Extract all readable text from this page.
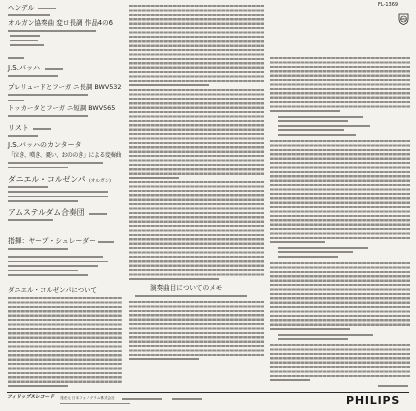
FL-1369
ヘンデル
オルガン協奏曲 変ロ長調 作品4の6
J.S.バッハ
プレリュードとフーガ ニ長調 BWV532
トッカータとフーガ ニ短調 BWV565
リスト
J.S.バッハのカンタータ
「泣き、嘆き、憂い、おののき」による変奏曲
ダニエル・コルゼンパ (オルガン)
アムステルダム合奏団
指揮：ヤープ・シュレーダー
ダニエル・コルゼンパについて	演奏曲目についてのメモ
フィリップスレコード 発売元 日本フォノグラム株式会社	PHILIPS
